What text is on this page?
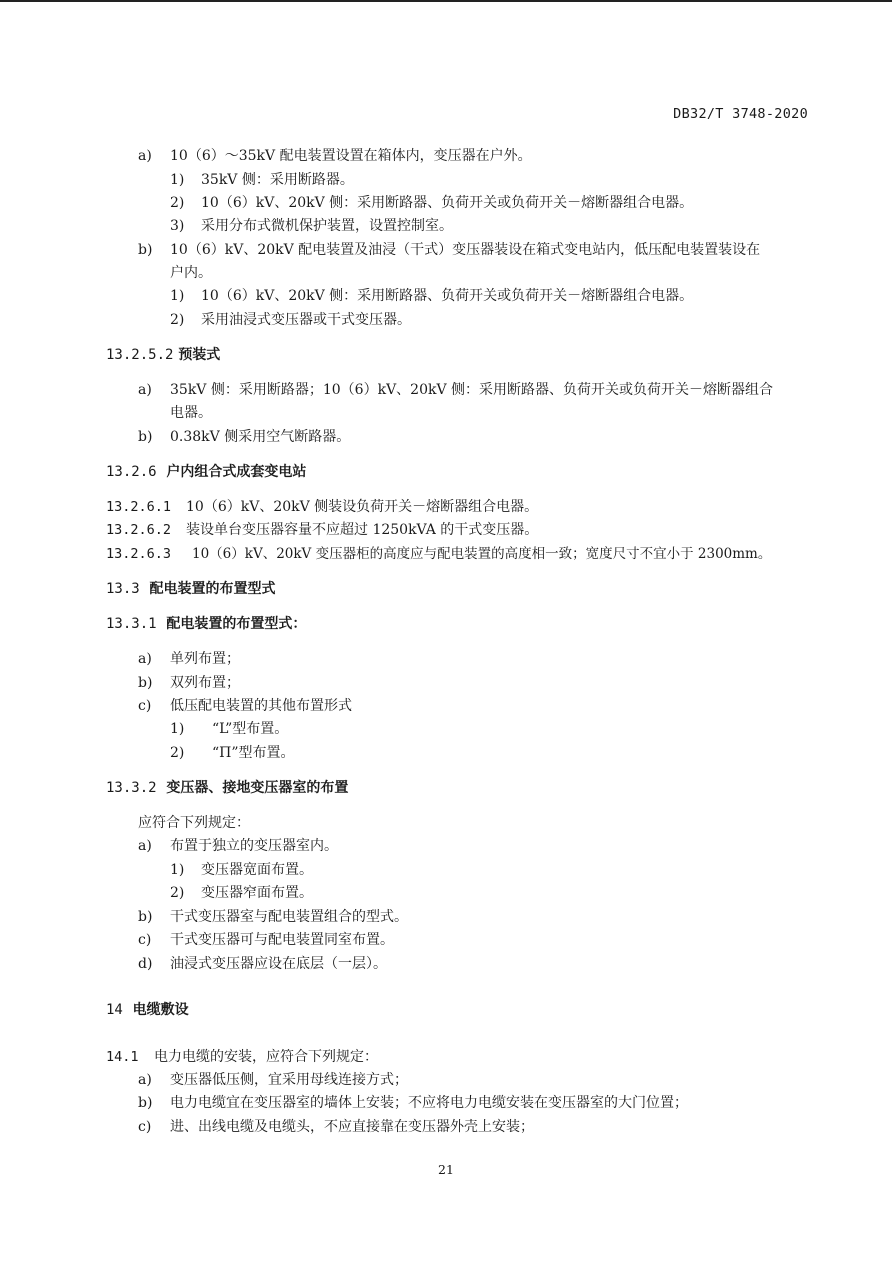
DB32/T 3748-2020
a) 10（6）～35kV 配电装置设置在箱体内，变压器在户外。
1) 35kV 侧：采用断路器。
2) 10（6）kV、20kV 侧：采用断路器、负荷开关或负荷开关－熔断器组合电器。
3) 采用分布式微机保护装置，设置控制室。
b) 10（6）kV、20kV 配电装置及油浸（干式）变压器装设在箱式变电站内，低压配电装置装设在
户内。
1) 10（6）kV、20kV 侧：采用断路器、负荷开关或负荷开关－熔断器组合电器。
2) 采用油浸式变压器或干式变压器。
13.2.5.2 预装式
a) 35kV 侧：采用断路器；10（6）kV、20kV 侧：采用断路器、负荷开关或负荷开关－熔断器组合
电器。
b) 0.38kV 侧采用空气断路器。
13.2.6 户内组合式成套变电站
13.2.6.1 10（6）kV、20kV 侧装设负荷开关－熔断器组合电器。
13.2.6.2 装设单台变压器容量不应超过 1250kVA 的干式变压器。
13.2.6.3 10（6）kV、20kV 变压器柜的高度应与配电装置的高度相一致；宽度尺寸不宜小于 2300mm。
13.3 配电装置的布置型式
13.3.1 配电装置的布置型式：
a) 单列布置；
b) 双列布置；
c) 低压配电装置的其他布置形式
1) “L”型布置。
2) “Π”型布置。
13.3.2 变压器、接地变压器室的布置
应符合下列规定：
a) 布置于独立的变压器室内。
1) 变压器宽面布置。
2) 变压器窄面布置。
b) 干式变压器室与配电装置组合的型式。
c) 干式变压器可与配电装置同室布置。
d) 油浸式变压器应设在底层（一层）。
14 电缆敷设
14.1 电力电缆的安装，应符合下列规定：
a) 变压器低压侧，宜采用母线连接方式；
b) 电力电缆宜在变压器室的墙体上安装；不应将电力电缆安装在变压器室的大门位置；
c) 进、出线电缆及电缆头，不应直接靠在变压器外壳上安装；
21
